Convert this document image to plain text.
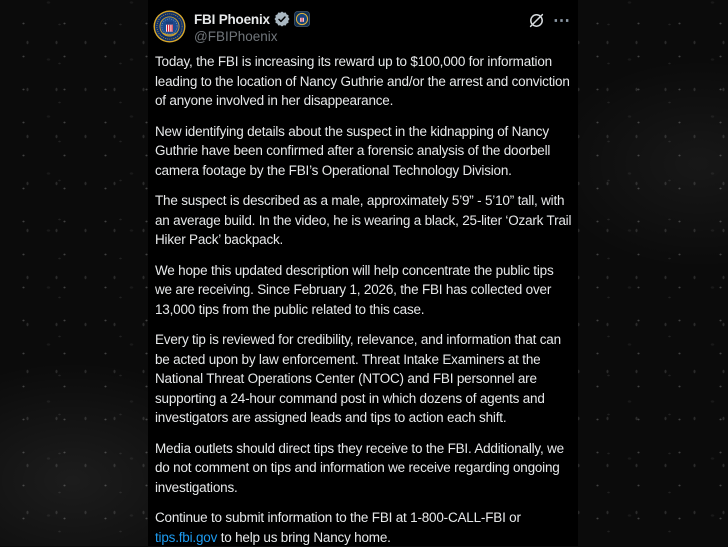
FBI Phoenix
@FBIPhoenix
⋯

Today, the FBI is increasing its reward up to $100,000 for information leading to the location of Nancy Guthrie and/or the arrest and conviction of anyone involved in her disappearance.

New identifying details about the suspect in the kidnapping of Nancy Guthrie have been confirmed after a forensic analysis of the doorbell camera footage by the FBI’s Operational Technology Division.

The suspect is described as a male, approximately 5’9” - 5’10” tall, with an average build. In the video, he is wearing a black, 25-liter ‘Ozark Trail Hiker Pack’ backpack.

We hope this updated description will help concentrate the public tips we are receiving. Since February 1, 2026, the FBI has collected over 13,000 tips from the public related to this case.

Every tip is reviewed for credibility, relevance, and information that can be acted upon by law enforcement. Threat Intake Examiners at the National Threat Operations Center (NTOC) and FBI personnel are supporting a 24-hour command post in which dozens of agents and investigators are assigned leads and tips to action each shift.

Media outlets should direct tips they receive to the FBI. Additionally, we do not comment on tips and information we receive regarding ongoing investigations.

Continue to submit information to the FBI at 1-800-CALL-FBI or tips.fbi.gov to help us bring Nancy home.
